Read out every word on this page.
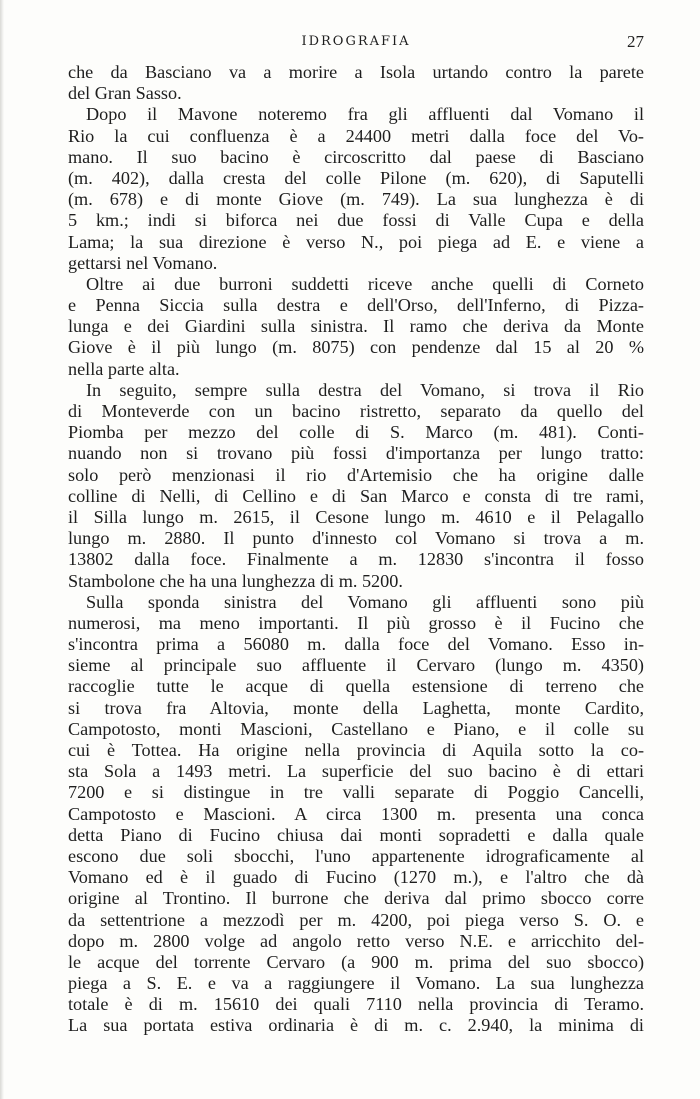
IDROGRAFIA	27
che da Basciano va a morire a Isola urtando contro la parete
del Gran Sasso.
Dopo il Mavone noteremo fra gli affluenti dal Vomano il
Rio la cui confluenza è a 24400 metri dalla foce del Vo-
mano. Il suo bacino è circoscritto dal paese di Basciano
(m. 402), dalla cresta del colle Pilone (m. 620), di Saputelli
(m. 678) e di monte Giove (m. 749). La sua lunghezza è di
5 km.; indi si biforca nei due fossi di Valle Cupa e della
Lama; la sua direzione è verso N., poi piega ad E. e viene a
gettarsi nel Vomano.
Oltre ai due burroni suddetti riceve anche quelli di Corneto
e Penna Siccia sulla destra e dell'Orso, dell'Inferno, di Pizza-
lunga e dei Giardini sulla sinistra. Il ramo che deriva da Monte
Giove è il più lungo (m. 8075) con pendenze dal 15 al 20 %
nella parte alta.
In seguito, sempre sulla destra del Vomano, si trova il Rio
di Monteverde con un bacino ristretto, separato da quello del
Piomba per mezzo del colle di S. Marco (m. 481). Conti-
nuando non si trovano più fossi d'importanza per lungo tratto:
solo però menzionasi il rio d'Artemisio che ha origine dalle
colline di Nelli, di Cellino e di San Marco e consta di tre rami,
il Silla lungo m. 2615, il Cesone lungo m. 4610 e il Pelagallo
lungo m. 2880. Il punto d'innesto col Vomano si trova a m.
13802 dalla foce. Finalmente a m. 12830 s'incontra il fosso
Stambolone che ha una lunghezza di m. 5200.
Sulla sponda sinistra del Vomano gli affluenti sono più
numerosi, ma meno importanti. Il più grosso è il Fucino che
s'incontra prima a 56080 m. dalla foce del Vomano. Esso in-
sieme al principale suo affluente il Cervaro (lungo m. 4350)
raccoglie tutte le acque di quella estensione di terreno che
si trova fra Altovia, monte della Laghetta, monte Cardito,
Campotosto, monti Mascioni, Castellano e Piano, e il colle su
cui è Tottea. Ha origine nella provincia di Aquila sotto la co-
sta Sola a 1493 metri. La superficie del suo bacino è di ettari
7200 e si distingue in tre valli separate di Poggio Cancelli,
Campotosto e Mascioni. A circa 1300 m. presenta una conca
detta Piano di Fucino chiusa dai monti sopradetti e dalla quale
escono due soli sbocchi, l'uno appartenente idrograficamente al
Vomano ed è il guado di Fucino (1270 m.), e l'altro che dà
origine al Trontino. Il burrone che deriva dal primo sbocco corre
da settentrione a mezzodì per m. 4200, poi piega verso S. O. e
dopo m. 2800 volge ad angolo retto verso N.E. e arricchito del-
le acque del torrente Cervaro (a 900 m. prima del suo sbocco)
piega a S. E. e va a raggiungere il Vomano. La sua lunghezza
totale è di m. 15610 dei quali 7110 nella provincia di Teramo.
La sua portata estiva ordinaria è di m. c. 2.940, la minima di
